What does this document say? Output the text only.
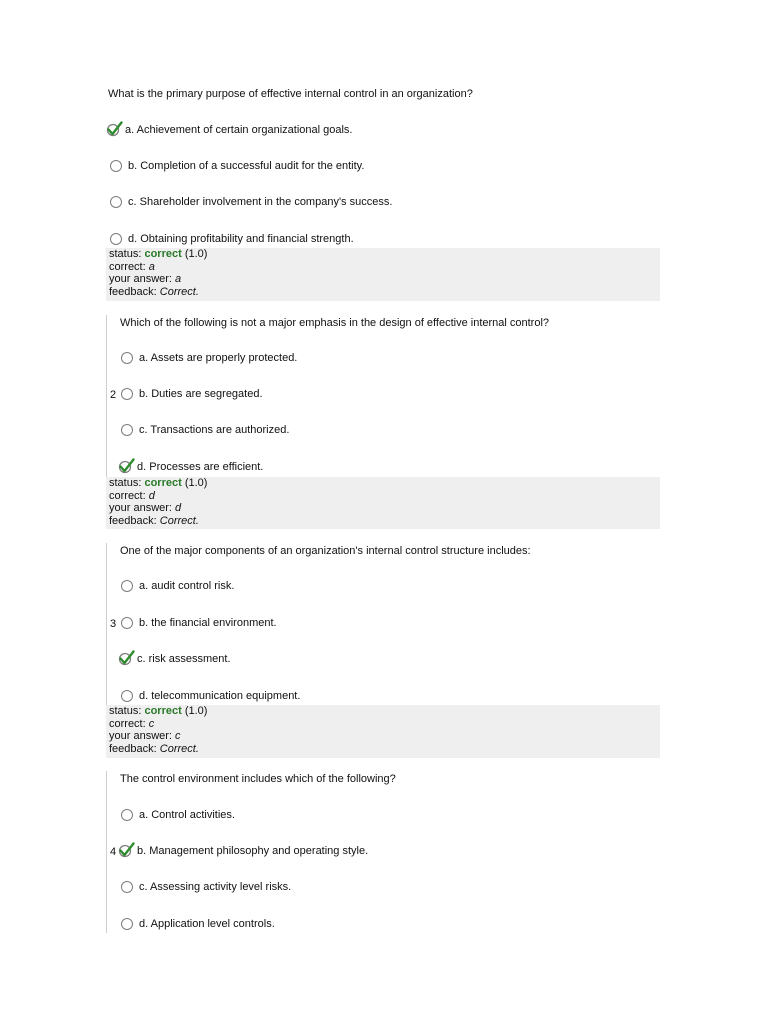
What is the primary purpose of effective internal control in an organization?
a. Achievement of certain organizational goals.
b. Completion of a successful audit for the entity.
c. Shareholder involvement in the company's success.
d. Obtaining profitability and financial strength.
status: correct (1.0)
correct: a
your answer: a
feedback: Correct.
Which of the following is not a major emphasis in the design of effective internal control?
a. Assets are properly protected.
2 b. Duties are segregated.
c. Transactions are authorized.
d. Processes are efficient.
status: correct (1.0)
correct: d
your answer: d
feedback: Correct.
One of the major components of an organization's internal control structure includes:
a. audit control risk.
3 b. the financial environment.
c. risk assessment.
d. telecommunication equipment.
status: correct (1.0)
correct: c
your answer: c
feedback: Correct.
The control environment includes which of the following?
a. Control activities.
4 b. Management philosophy and operating style.
c. Assessing activity level risks.
d. Application level controls.
